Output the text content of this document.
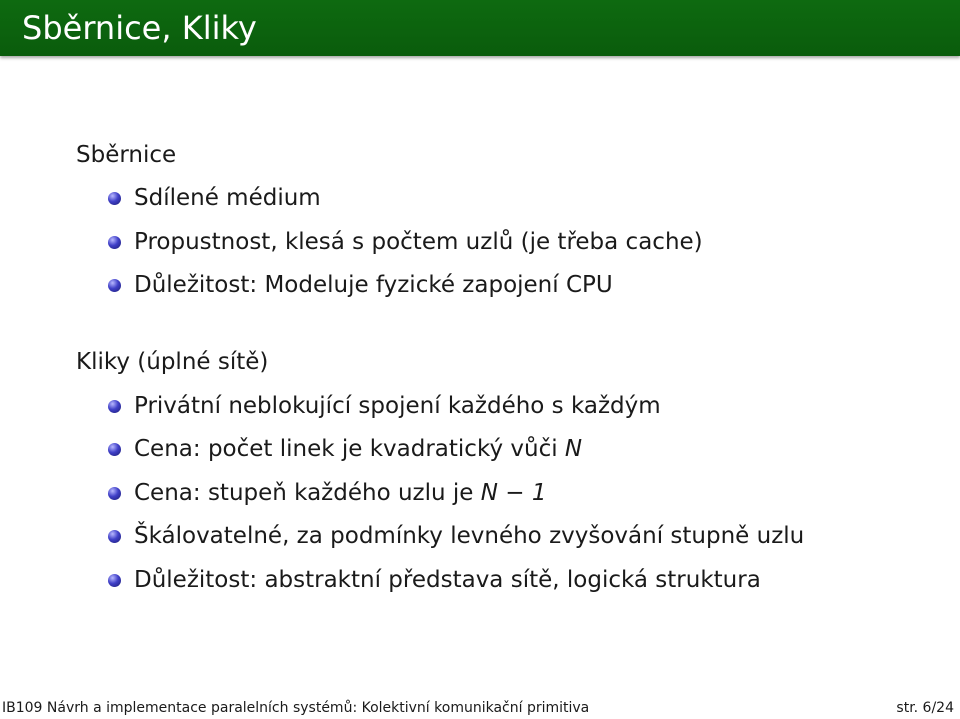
Sběrnice, Kliky
Sběrnice
Sdílené médium
Propustnost, klesá s počtem uzlů (je třeba cache)
Důležitost: Modeluje fyzické zapojení CPU
Kliky (úplné sítě)
Privátní neblokující spojení každého s každým
Cena: počet linek je kvadratický vůči N
Cena: stupeň každého uzlu je N − 1
Škálovatelné, za podmínky levného zvyšování stupně uzlu
Důležitost: abstraktní představa sítě, logická struktura
IB109 Návrh a implementace paralelních systémů: Kolektivní komunikační primitiva	str. 6/24
